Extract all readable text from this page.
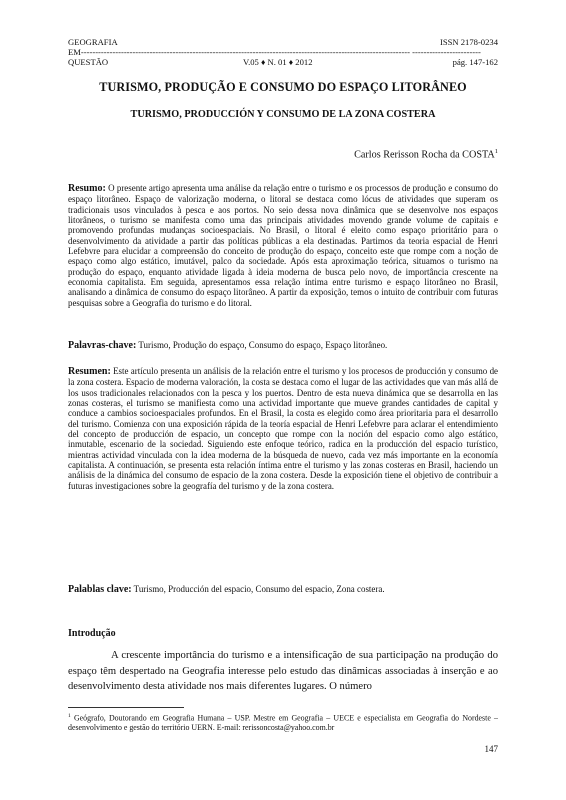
GEOGRAFIA	ISSN 2178-0234
EM------------------------------------------------------------------------------------------------------------------- ------------------------
QUESTÃO	V.05 ♦ N. 01 ♦ 2012	pág. 147-162
TURISMO, PRODUÇÃO E CONSUMO DO ESPAÇO LITORÂNEO
TURISMO, PRODUCCIÓN Y CONSUMO DE LA ZONA COSTERA
Carlos Rerisson Rocha da COSTA$^1$
Resumo: O presente artigo apresenta uma análise da relação entre o turismo e os processos de produção e consumo do espaço litorâneo. Espaço de valorização moderna, o litoral se destaca como lócus de atividades que superam os tradicionais usos vinculados à pesca e aos portos. No seio dessa nova dinâmica que se desenvolve nos espaços litorâneos, o turismo se manifesta como uma das principais atividades movendo grande volume de capitais e promovendo profundas mudanças socioespaciais. No Brasil, o litoral é eleito como espaço prioritário para o desenvolvimento da atividade a partir das políticas públicas a ela destinadas. Partimos da teoria espacial de Henri Lefebvre para elucidar a compreensão do conceito de produção do espaço, conceito este que rompe com a noção de espaço como algo estático, imutável, palco da sociedade. Após esta aproximação teórica, situamos o turismo na produção do espaço, enquanto atividade ligada à ideia moderna de busca pelo novo, de importância crescente na economia capitalista. Em seguida, apresentamos essa relação íntima entre turismo e espaço litorâneo no Brasil, analisando a dinâmica de consumo do espaço litorâneo. A partir da exposição, temos o intuito de contribuir com futuras pesquisas sobre a Geografia do turismo e do litoral.
Palavras-chave: Turismo, Produção do espaço, Consumo do espaço, Espaço litorâneo.
Resumen: Este artículo presenta un análisis de la relación entre el turismo y los procesos de producción y consumo de la zona costera. Espacio de moderna valoración, la costa se destaca como el lugar de las actividades que van más allá de los usos tradicionales relacionados con la pesca y los puertos. Dentro de esta nueva dinámica que se desarrolla en las zonas costeras, el turismo se manifiesta como una actividad importante que mueve grandes cantidades de capital y conduce a cambios socioespaciales profundos. En el Brasil, la costa es elegido como área prioritaria para el desarrollo del turismo. Comienza con una exposición rápida de la teoría espacial de Henri Lefebvre para aclarar el entendimiento del concepto de producción de espacio, un concepto que rompe con la noción del espacio como algo estático, inmutable, escenario de la sociedad. Siguiendo este enfoque teórico, radica en la producción del espacio turístico, mientras actividad vinculada con la idea moderna de la búsqueda de nuevo, cada vez más importante en la economía capitalista. A continuación, se presenta esta relación íntima entre el turismo y las zonas costeras en Brasil, haciendo un análisis de la dinámica del consumo de espacio de la zona costera. Desde la exposición tiene el objetivo de contribuir a futuras investigaciones sobre la geografía del turismo y de la zona costera.
Palablas clave: Turismo, Producción del espacio, Consumo del espacio, Zona costera.
Introdução
A crescente importância do turismo e a intensificação de sua participação na produção do espaço têm despertado na Geografia interesse pelo estudo das dinâmicas associadas à inserção e ao desenvolvimento desta atividade nos mais diferentes lugares. O número
$^1$ Geógrafo, Doutorando em Geografia Humana – USP. Mestre em Geografia – UECE e especialista em Geografia do Nordeste – desenvolvimento e gestão do território UERN. E-mail: rerissoncosta@yahoo.com.br
147
